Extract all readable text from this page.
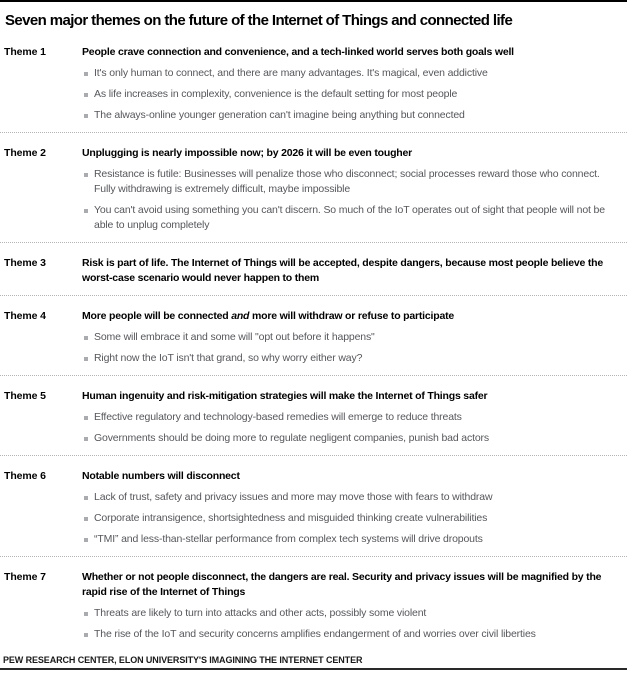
Seven major themes on the future of the Internet of Things and connected life
Theme 1	People crave connection and convenience, and a tech-linked world serves both goals well
It's only human to connect, and there are many advantages. It's magical, even addictive
As life increases in complexity, convenience is the default setting for most people
The always-online younger generation can't imagine being anything but connected
Theme 2	Unplugging is nearly impossible now; by 2026 it will be even tougher
Resistance is futile: Businesses will penalize those who disconnect; social processes reward those who connect. Fully withdrawing is extremely difficult, maybe impossible
You can't avoid using something you can't discern. So much of the IoT operates out of sight that people will not be able to unplug completely
Theme 3	Risk is part of life. The Internet of Things will be accepted, despite dangers, because most people believe the worst-case scenario would never happen to them
Theme 4	More people will be connected and more will withdraw or refuse to participate
Some will embrace it and some will "opt out before it happens"
Right now the IoT isn't that grand, so why worry either way?
Theme 5	Human ingenuity and risk-mitigation strategies will make the Internet of Things safer
Effective regulatory and technology-based remedies will emerge to reduce threats
Governments should be doing more to regulate negligent companies, punish bad actors
Theme 6	Notable numbers will disconnect
Lack of trust, safety and privacy issues and more may move those with fears to withdraw
Corporate intransigence, shortsightedness and misguided thinking create vulnerabilities
“TMI” and less-than-stellar performance from complex tech systems will drive dropouts
Theme 7	Whether or not people disconnect, the dangers are real. Security and privacy issues will be magnified by the rapid rise of the Internet of Things
Threats are likely to turn into attacks and other acts, possibly some violent
The rise of the IoT and security concerns amplifies endangerment of and worries over civil liberties
PEW RESEARCH CENTER, ELON UNIVERSITY'S IMAGINING THE INTERNET CENTER
